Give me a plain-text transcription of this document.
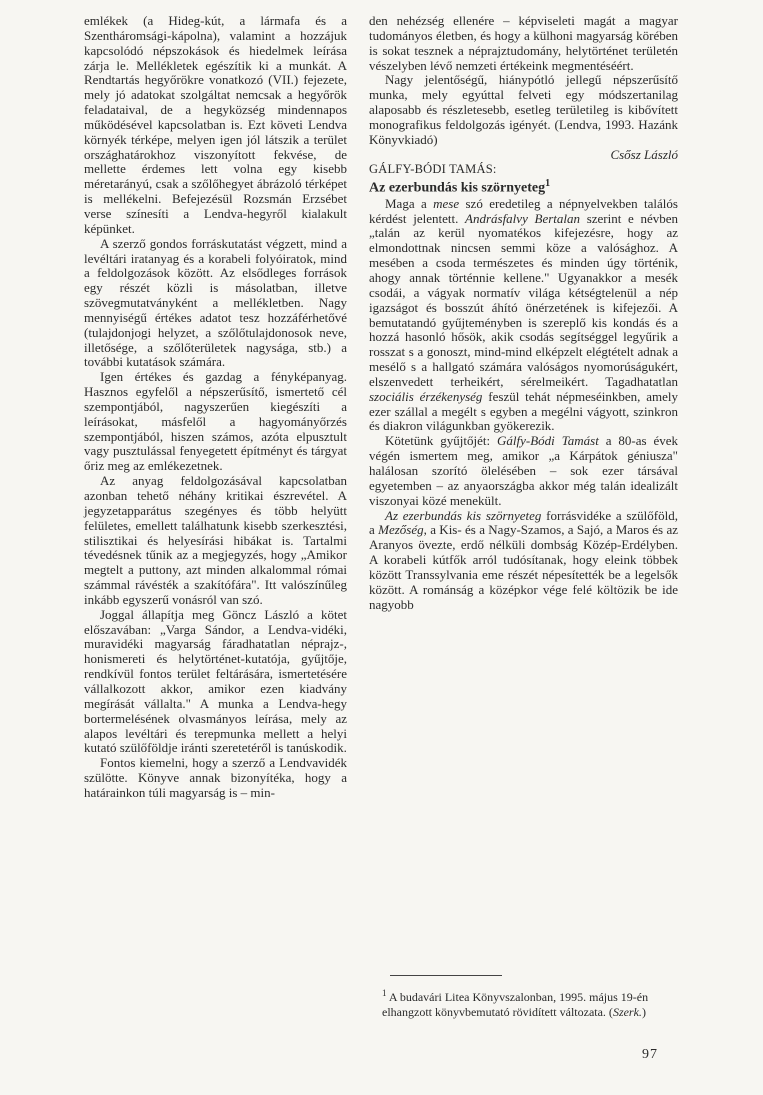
emlékek (a Hideg-kút, a lármafa és a Szentháromsági-kápolna), valamint a hozzájuk kapcsolódó népszokások és hiedelmek leírása zárja le. Mellékletek egészítik ki a munkát. A Rendtartás hegyőrökre vonatkozó (VII.) fejezete, mely jó adatokat szolgáltat nemcsak a hegyőrök feladataival, de a hegyközség mindennapos működésével kapcsolatban is. Ezt követi Lendva környék térképe, melyen igen jól látszik a terület országhatárokhoz viszonyított fekvése, de mellette érdemes lett volna egy kisebb méretarányú, csak a szőlőhegyet ábrázoló térképet is mellékelni. Befejezésül Rozsmán Erzsébet verse színesíti a Lendva-hegyről kialakult képünket.

A szerző gondos forráskutatást végzett, mind a levéltári iratanyag és a korabeli folyóiratok, mind a feldolgozások között. Az elsődleges források egy részét közli is másolatban, illetve szövegmutatványként a mellékletben. Nagy mennyiségű értékes adatot tesz hozzáférhetővé (tulajdonjogi helyzet, a szőlőtulajdonosok neve, illetősége, a szőlőterületek nagysága, stb.) a további kutatások számára.

Igen értékes és gazdag a fényképanyag. Hasznos egyfelől a népszerűsítő, ismertető cél szempontjából, nagyszerűen kiegészíti a leírásokat, másfelől a hagyományőrzés szempontjából, hiszen számos, azóta elpusztult vagy pusztulással fenyegetett építményt és tárgyat őriz meg az emlékezetnek.

Az anyag feldolgozásával kapcsolatban azonban tehető néhány kritikai észrevétel. A jegyzetapparátus szegényes és több helyütt felületes, emellett találhatunk kisebb szerkesztési, stilisztikai és helyesírási hibákat is. Tartalmi tévedésnek tűnik az a megjegyzés, hogy „Amikor megtelt a puttony, azt minden alkalommal római számmal rávésték a szakítófára". Itt valószínűleg inkább egyszerű vonásról van szó.

Joggal állapítja meg Göncz László a kötet előszavában: „Varga Sándor, a Lendva-vidéki, muravidéki magyarság fáradhatatlan néprajz-, honismereti és helytörténet-kutatója, gyűjtője, rendkívül fontos terület feltárására, ismertetésére vállalkozott akkor, amikor ezen kiadvány megírását vállalta." A munka a Lendva-hegy bortermelésének olvasmányos leírása, mely az alapos levéltári és terepmunka mellett a helyi kutató szülőföldje iránti szeretetéről is tanúskodik.

Fontos kiemelni, hogy a szerző a Lendvavidék szülötte. Könyve annak bizonyítéka, hogy a határainkon túli magyarság is – min-

den nehézség ellenére – képviseleti magát a magyar tudományos életben, és hogy a külhoni magyarság körében is sokat tesznek a néprajztudomány, helytörténet területén vészelyben lévő nemzeti értékeink megmentéséért.

Nagy jelentőségű, hiánypótló jellegű népszerűsítő munka, mely egyúttal felveti egy módszertanilag alaposabb és részletesebb, esetleg területileg is kibővített monografikus feldolgozás igényét. (Lendva, 1993. Hazánk Könyvkiadó)

Csősz László

GÁLFY-BÓDI TAMÁS:

Az ezerbundás kis szörnyeteg$^1$

Maga a mese szó eredetileg a népnyelvekben találós kérdést jelentett. Andrásfalvy Bertalan szerint e névben „talán az kerül nyomatékos kifejezésre, hogy az elmondottnak nincsen semmi köze a valósághoz. A mesében a csoda természetes és minden úgy történik, ahogy annak történnie kellene." Ugyanakkor a mesék csodái, a vágyak normatív világa kétségtelenül a nép igazságot és bosszút áhító önérzetének is kifejezői. A bemutatandó gyűjteményben is szereplő kis kondás és a hozzá hasonló hősök, akik csodás segítséggel legyűrik a rosszat s a gonoszt, mind-mind elképzelt elégtételt adnak a mesélő s a hallgató számára valóságos nyomorúságukért, elszenvedett terheikért, sérelmeikért. Tagadhatatlan szociális érzékenység feszül tehát népmeséinkben, amely ezer szállal a megélt s egyben a megélni vágyott, szinkron és diakron világunkban gyökerezik.

Kötetünk gyűjtőjét: Gálfy-Bódi Tamást a 80-as évek végén ismertem meg, amikor „a Kárpátok géniusza" halálosan szorító ölelésében – sok ezer társával egyetemben – az anyaországba akkor még talán idealizált viszonyai közé menekült.

Az ezerbundás kis szörnyeteg forrásvidéke a szülőföld, a Mezőség, a Kis- és a Nagy-Szamos, a Sajó, a Maros és az Aranyos övezte, erdő nélküli dombság Közép-Erdélyben. A korabeli kútfők arról tudósítanak, hogy eleink többek között Transsylvania eme részét népesítették be a legelsők között. A románság a középkor vége felé költözik be ide nagyobb

$^1$ A budavári Litea Könyvszalonban, 1995. május 19-én elhangzott könyvbemutató rövidített változata. (Szerk.)
97
